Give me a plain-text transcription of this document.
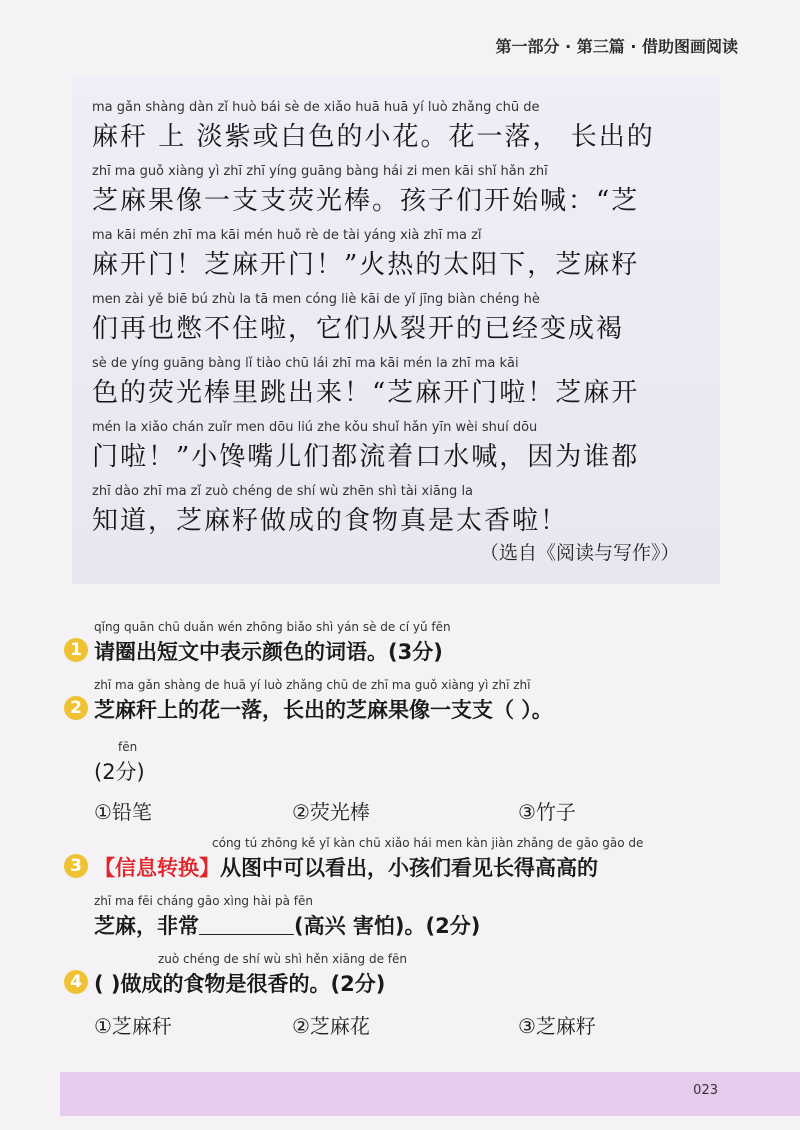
第一部分 · 第三篇 · 借助图画阅读
ma gǎn shàng dàn zǐ huò bái sè de xiǎo huā huā yí luò zhǎng chū de
麻秆 上 淡紫或白色的小花。花一落， 长出的
zhī ma guǒ xiàng yì zhī zhī yíng guāng bàng hái zi men kāi shǐ hǎn zhī
芝麻果像一支支荧光棒。孩子们开始喊：“芝
ma kāi mén zhī ma kāi mén huǒ rè de tài yáng xià zhī ma zǐ
麻开门！芝麻开门！”火热的太阳下，芝麻籽
men zài yě biē bú zhù la tā men cóng liè kāi de yǐ jīng biàn chéng hè
们再也憋不住啦，它们从裂开的已经变成褐
sè de yíng guāng bàng lǐ tiào chū lái zhī ma kāi mén la zhī ma kāi
色的荧光棒里跳出来！“芝麻开门啦！芝麻开
mén la xiǎo chán zuǐr men dōu liú zhe kǒu shuǐ hǎn yīn wèi shuí dōu
门啦！”小馋嘴儿们都流着口水喊，因为谁都
zhī dào zhī ma zǐ zuò chéng de shí wù zhēn shì tài xiāng la
知道，芝麻籽做成的食物真是太香啦！
（选自《阅读与写作》）
qǐng quān chū duǎn wén zhōng biǎo shì yán sè de cí yǔ fēn
1 请圈出短文中表示颜色的词语。(3分)
zhī ma gǎn shàng de huā yí luò zhǎng chū de zhī ma guǒ xiàng yì zhī zhī
2 芝麻秆上的花一落，长出的芝麻果像一支支（ ）。
fēn
(2分)
①铅笔	②荧光棒	③竹子
cóng tú zhōng kě yǐ kàn chū xiǎo hái men kàn jiàn zhǎng de gāo gāo de
3 【信息转换】从图中可以看出，小孩们看见长得高高的
zhī ma fēi cháng gāo xìng hài pà fēn
芝麻，非常	(高兴 害怕)。(2分)
zuò chéng de shí wù shì hěn xiāng de fēn
4 ( )做成的食物是很香的。(2分)
①芝麻秆	②芝麻花	③芝麻籽
023
